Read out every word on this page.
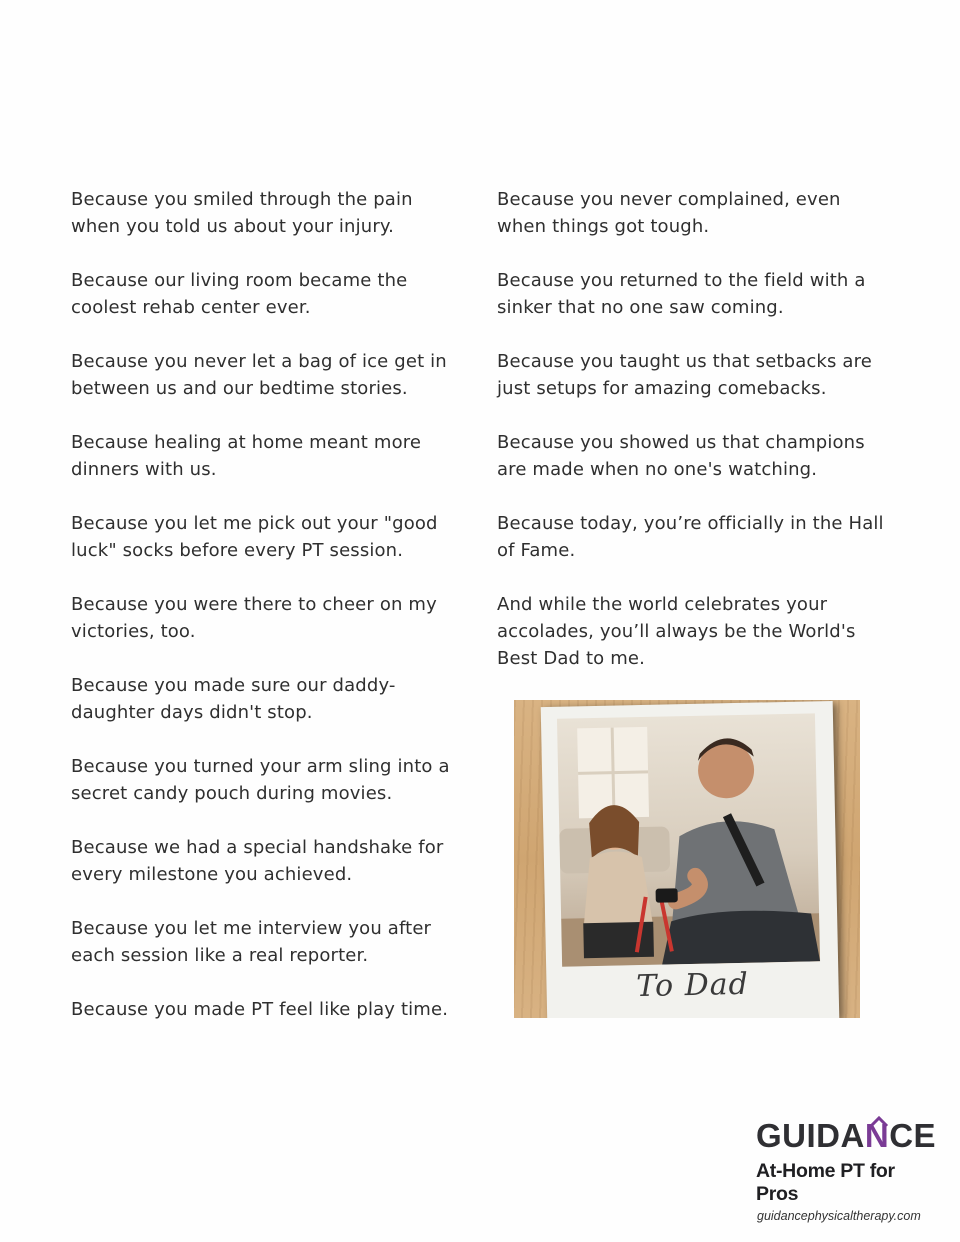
Because you smiled through the pain when you told us about your injury.

Because our living room became the coolest rehab center ever.

Because you never let a bag of ice get in between us and our bedtime stories.

Because healing at home meant more dinners with us.

Because you let me pick out your "good luck" socks before every PT session.

Because you were there to cheer on my victories, too.

Because you made sure our daddy-daughter days didn't stop.

Because you turned your arm sling into a secret candy pouch during movies.

Because we had a special handshake for every milestone you achieved.

Because you let me interview you after each session like a real reporter.

Because you made PT feel like play time.

Because you never complained, even when things got tough.

Because you returned to the field with a sinker that no one saw coming.

Because you taught us that setbacks are just setups for amazing comebacks.

Because you showed us that champions are made when no one's watching.

Because today, you’re officially in the Hall of Fame.

And while the world celebrates your accolades, you’ll always be the World's Best Dad to me.

To Dad
GUIDANCE
At-Home PT for Pros
guidancephysicaltherapy.com
